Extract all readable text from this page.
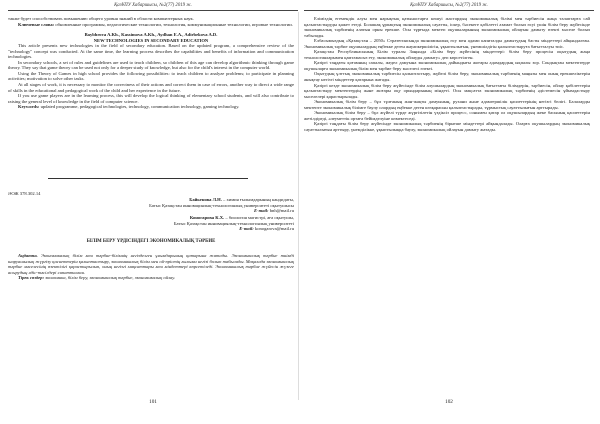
ҚазҰПУ Хабаршысы, №2(77) 2019 ж.

также будет способствовать повышению общего уровня знаний в области компьютерных наук.

Ключевые слова: обновленные программы, педагогические технологии, технология, коммуникационные технологии, игровые технологии.

Baybhrova A.Kh., Kassimova A.Kh., Aydhan E.A., Adirbekova A.D.

NEW TECHNOLOGIES IN SECONDARY EDUCATION

This article presents new technologies in the field of secondary education. Based on the updated program, a comprehensive review of the "technology" concept was conducted. At the same time, the learning process describes the capabilities and benefits of information and communication technologies.

In secondary schools, a set of rules and guidelines are used to teach children, so children of this age can develop algorithmic thinking through game theory. They say that game theory can be used not only for a deeper study of knowledge, but also for the child's interest in the computer world.

Using the Theory of Games in high school provides the following possibilities: to teach children to analyze problems; to participate in planning activities; motivation to solve other tasks.

At all stages of work, it is necessary to monitor the correctness of their actions and correct them in case of errors, another way to direct a wide range of skills in the educational and pedagogical work of the child and her experience in the future.

If you use game players are in the learning process, this will develop the logical thinking of elementary school students, and will also contribute to raising the general level of knowledge in the field of computer science.

Keywords: updated programme, pedagogical technologies, technology, communication technology, gaming technology.

ӘОЖ 378.302.14
Байкенова Л.Н. – химия ғылымдарының кандидаты,
Батыс Қазақстан инновациялық-технологиялық университеті оқытушысы
E-mail: bnh@mail.ru
Коногарова К.Х. – биология магистрі, аға оқытушы,
Батыс Қазақстан инновациялық-технологиялық университеті
E-mail: konogarova@mail.ru
БІЛІМ БЕРУ ҮРДІСІНДЕГІ ЭКОНОМИКАЛЫҚ ТӘРБИЕ

Аңдатпа. Экономикалық білім мен тәрбие-білімнің негізделген ұғымдарының қатарына жатады. Экономикалық тәрбие тиімді шаруашылық жүргізу қасиеттерін қалыптастыру, экономикалық білім мен ой-өрістің ғылыми негізі болып табылады. Мақалада экономикалық тәрбие мәселесінің өзектілігі қарастырылып, оның негізгі мақсаттары мен міндеттері көрсетіледі. Экономикалық тәрбие жүйесін жүзеге асырудың әдіс-тәсілдері сипатталған.

Тірек сөздер: экономика, білім беру, экономикалық тәрбие, экономикалық ойлау.

101
ҚазҰПУ Хабаршысы, №2(77) 2019 ж.

Еліміздің егемендік алуы мен нарықтық қатынастарға көшуі жастардың экономикалық білімі мен тәрбиесін жаңа талаптарға сай қалыптастыруды қажет етеді. Болашақ ұрпақтың экономикалық сауатты, іскер, бәсекеге қабілетті азамат болып өсуі үшін білім беру жүйесінде экономикалық тәрбиенің алатын орны ерекше. Осы тұрғыда мектеп оқушыларының экономикалық ойлауын дамыту өзекті мәселе болып табылады.

Елбасымыздың «Қазақстан – 2050» Стратегиясында экономикалық өсу мен адами капиталды дамытудың басты міндеттері айқындалған. Экономикалық тәрбие оқушылардың еңбекке деген жауапкершілігін, ұқыптылығын, үнемшілдігін қалыптастыруға бағытталуы тиіс.

Қазақстан Республикасының Білім туралы Заңында «Білім беру жүйесінің міндеттері: білім беру процесін оқытудың жаңа технологияларымен қамтамасыз ету, экономикалық ойлауды дамыту» деп көрсетілген.

Қазіргі таңдағы қоғамның сапалы, жедел дамуына экономикалық дайындығы жоғары адамдардың ықпалы зор. Сондықтан мектептерде оқушыларға экономикалық білім мен тәрбие беру мәселесі өзекті.

Оқытудың ұлттық экономикалық тәрбиесін қалыптастыру, жүйелі білім беру, экономикалық тәрбиенің маңызы мен оның ерекшеліктерін анықтау негізгі міндеттер қатарына жатады.

Қазіргі кезде экономикалық білім беру жүйесінде білім алушылардың экономикалық бағыттағы білімдерін, тәрбиесін, ойлау қабілеттерін қалыптастыру мектептердің және жоғары оқу орындарының міндеті. Осы мақсатта экономикалық тәрбиенің әдістемесін ұйымдастыру мәселелері қарастырылады.

Экономикалық білім беру – бұл тұлғаның жан-жақты дамуының, рухани және адамгершілік қасиеттерінің негізгі бөлігі. Балаларды мектепте экономикалық білімге баулу олардың еңбекке деген көзқарасын қалыптастырады, тұрмыстық сауаттылығын арттырады.

Экономикалық білім беру – бұл жүйелі түрде жүргізілетін үздіксіз процесс, сонымен қатар ол оқушылардың жеке басының қасиеттерін жетілдіреді, әлеуметтік ортаға бейімделуіне көмектеседі.

Қазіргі таңдағы білім беру жүйесінде экономикалық тәрбиенің бірнеше міндеттері айқындалады. Оларға оқушылардың экономикалық сауаттылығын арттыру, үнемділікке, ұқыптылыққа баулу, экономикалық ойлауын дамыту жатады.

102
